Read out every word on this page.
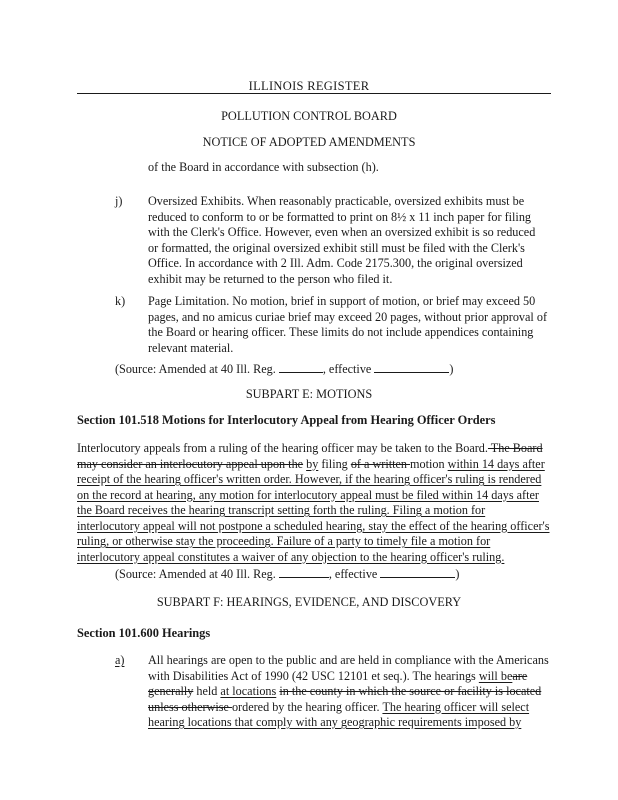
ILLINOIS REGISTER
POLLUTION CONTROL BOARD
NOTICE OF ADOPTED AMENDMENTS
of the Board in accordance with subsection (h).
j) Oversized Exhibits. When reasonably practicable, oversized exhibits must be
reduced to conform to or be formatted to print on 8½ x 11 inch paper for filing
with the Clerk's Office. However, even when an oversized exhibit is so reduced
or formatted, the original oversized exhibit still must be filed with the Clerk's
Office. In accordance with 2 Ill. Adm. Code 2175.300, the original oversized
exhibit may be returned to the person who filed it.
k) Page Limitation. No motion, brief in support of motion, or brief may exceed 50
pages, and no amicus curiae brief may exceed 20 pages, without prior approval of
the Board or hearing officer. These limits do not include appendices containing
relevant material.
(Source: Amended at 40 Ill. Reg.	, effective	)
SUBPART E: MOTIONS
Section 101.518 Motions for Interlocutory Appeal from Hearing Officer Orders
Interlocutory appeals from a ruling of the hearing officer may be taken to the Board. The Board
may consider an interlocutory appeal upon the by filing of a written motion within 14 days after
receipt of the hearing officer's written order. However, if the hearing officer's ruling is rendered
on the record at hearing, any motion for interlocutory appeal must be filed within 14 days after
the Board receives the hearing transcript setting forth the ruling. Filing a motion for
interlocutory appeal will not postpone a scheduled hearing, stay the effect of the hearing officer's
ruling, or otherwise stay the proceeding. Failure of a party to timely file a motion for
interlocutory appeal constitutes a waiver of any objection to the hearing officer's ruling.
(Source: Amended at 40 Ill. Reg.	, effective	)
SUBPART F: HEARINGS, EVIDENCE, AND DISCOVERY
Section 101.600 Hearings
a) All hearings are open to the public and are held in compliance with the Americans
with Disabilities Act of 1990 (42 USC 12101 et seq.). The hearings will beare
generally held at locations in the county in which the source or facility is located
unless otherwise ordered by the hearing officer. The hearing officer will select
hearing locations that comply with any geographic requirements imposed by
